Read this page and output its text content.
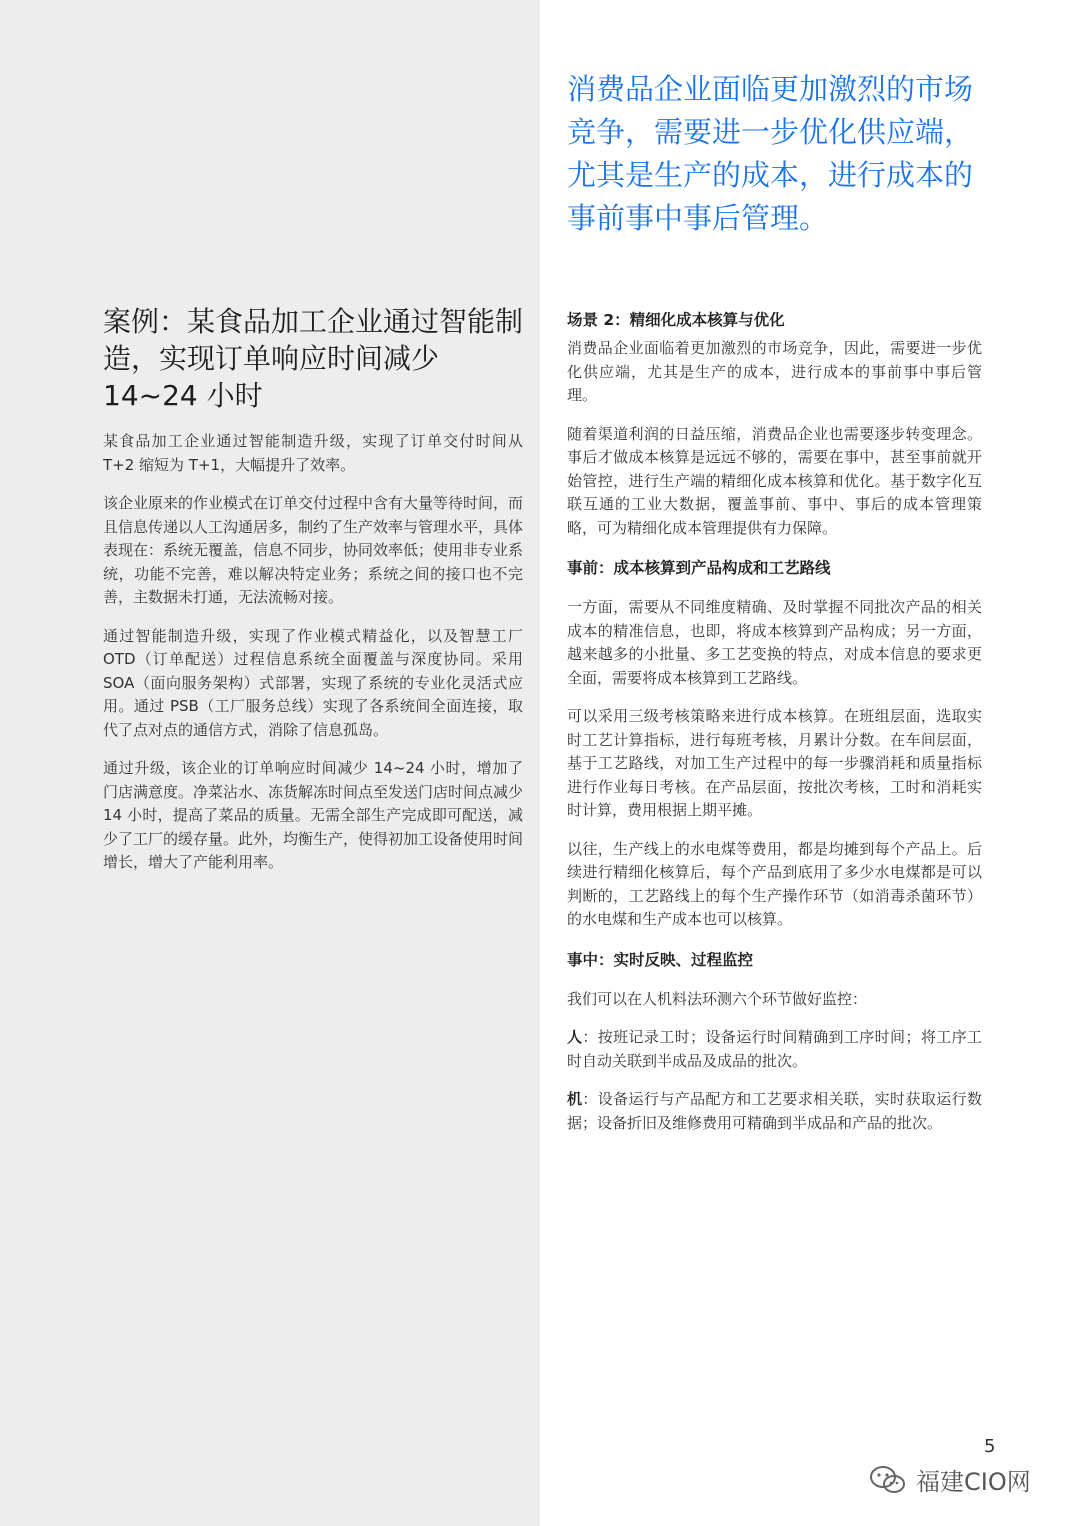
消费品企业面临更加激烈的市场竞争，需要进一步优化供应端，尤其是生产的成本，进行成本的事前事中事后管理。
案例：某食品加工企业通过智能制造，实现订单响应时间减少 14~24 小时

某食品加工企业通过智能制造升级，实现了订单交付时间从 T+2 缩短为 T+1，大幅提升了效率。

该企业原来的作业模式在订单交付过程中含有大量等待时间，而且信息传递以人工沟通居多，制约了生产效率与管理水平，具体表现在：系统无覆盖，信息不同步，协同效率低；使用非专业系统，功能不完善，难以解决特定业务；系统之间的接口也不完善，主数据未打通，无法流畅对接。

通过智能制造升级，实现了作业模式精益化，以及智慧工厂 OTD（订单配送）过程信息系统全面覆盖与深度协同。采用 SOA（面向服务架构）式部署，实现了系统的专业化灵活式应用。通过 PSB（工厂服务总线）实现了各系统间全面连接，取代了点对点的通信方式，消除了信息孤岛。

通过升级，该企业的订单响应时间减少 14~24 小时，增加了门店满意度。净菜沾水、冻货解冻时间点至发送门店时间点减少 14 小时，提高了菜品的质量。无需全部生产完成即可配送，减少了工厂的缓存量。此外，均衡生产，使得初加工设备使用时间增长，增大了产能利用率。

场景 2：精细化成本核算与优化

消费品企业面临着更加激烈的市场竞争，因此，需要进一步优化供应端，尤其是生产的成本，进行成本的事前事中事后管理。

随着渠道利润的日益压缩，消费品企业也需要逐步转变理念。事后才做成本核算是远远不够的，需要在事中，甚至事前就开始管控，进行生产端的精细化成本核算和优化。基于数字化互联互通的工业大数据，覆盖事前、事中、事后的成本管理策略，可为精细化成本管理提供有力保障。

事前：成本核算到产品构成和工艺路线

一方面，需要从不同维度精确、及时掌握不同批次产品的相关成本的精准信息，也即，将成本核算到产品构成；另一方面，越来越多的小批量、多工艺变换的特点，对成本信息的要求更全面，需要将成本核算到工艺路线。

可以采用三级考核策略来进行成本核算。在班组层面，选取实时工艺计算指标，进行每班考核，月累计分数。在车间层面，基于工艺路线，对加工生产过程中的每一步骤消耗和质量指标进行作业每日考核。在产品层面，按批次考核，工时和消耗实时计算，费用根据上期平摊。

以往，生产线上的水电煤等费用，都是均摊到每个产品上。后续进行精细化核算后，每个产品到底用了多少水电煤都是可以判断的，工艺路线上的每个生产操作环节（如消毒杀菌环节）的水电煤和生产成本也可以核算。

事中：实时反映、过程监控

我们可以在人机料法环测六个环节做好监控：

人：按班记录工时；设备运行时间精确到工序时间；将工序工时自动关联到半成品及成品的批次。

机：设备运行与产品配方和工艺要求相关联，实时获取运行数据；设备折旧及维修费用可精确到半成品和产品的批次。

5
福建CIO网
